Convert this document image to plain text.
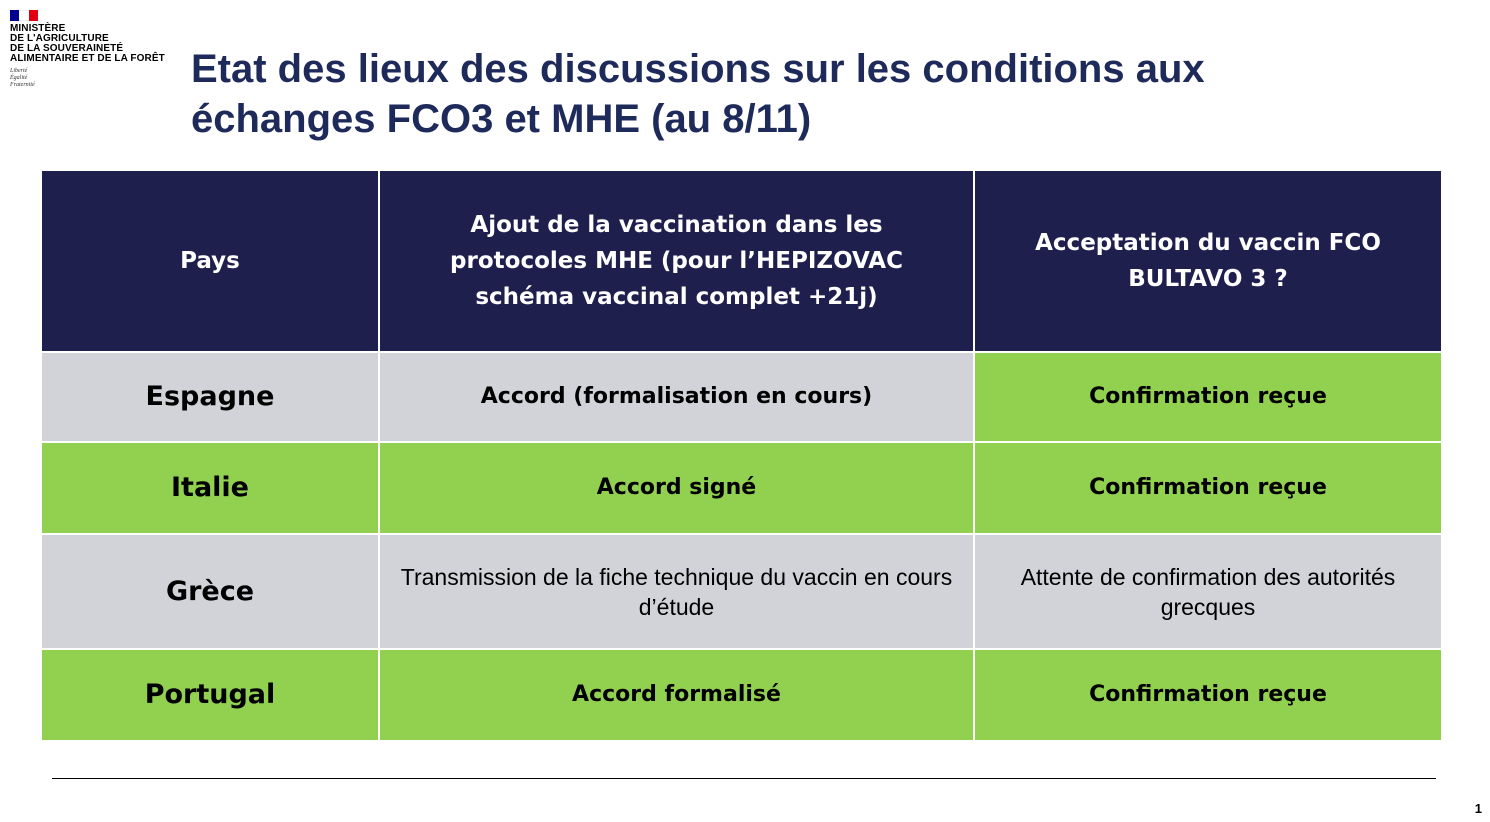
MINISTÈRE
DE L'AGRICULTURE
DE LA SOUVERAINETÉ
ALIMENTAIRE ET DE LA FORÊT
Liberté
Égalité
Fraternité	Etat des lieux des discussions sur les conditions aux
échanges FCO3 et MHE (au 8/11)
Pays	Ajout de la vaccination dans les protocoles MHE (pour l’HEPIZOVAC schéma vaccinal complet +21j)	Acceptation du vaccin FCO BULTAVO 3 ?
Espagne	Accord (formalisation en cours)	Confirmation reçue
Italie	Accord signé	Confirmation reçue
Grèce	Transmission de la fiche technique du vaccin en cours d’étude	Attente de confirmation des autorités grecques
Portugal	Accord formalisé	Confirmation reçue
1
